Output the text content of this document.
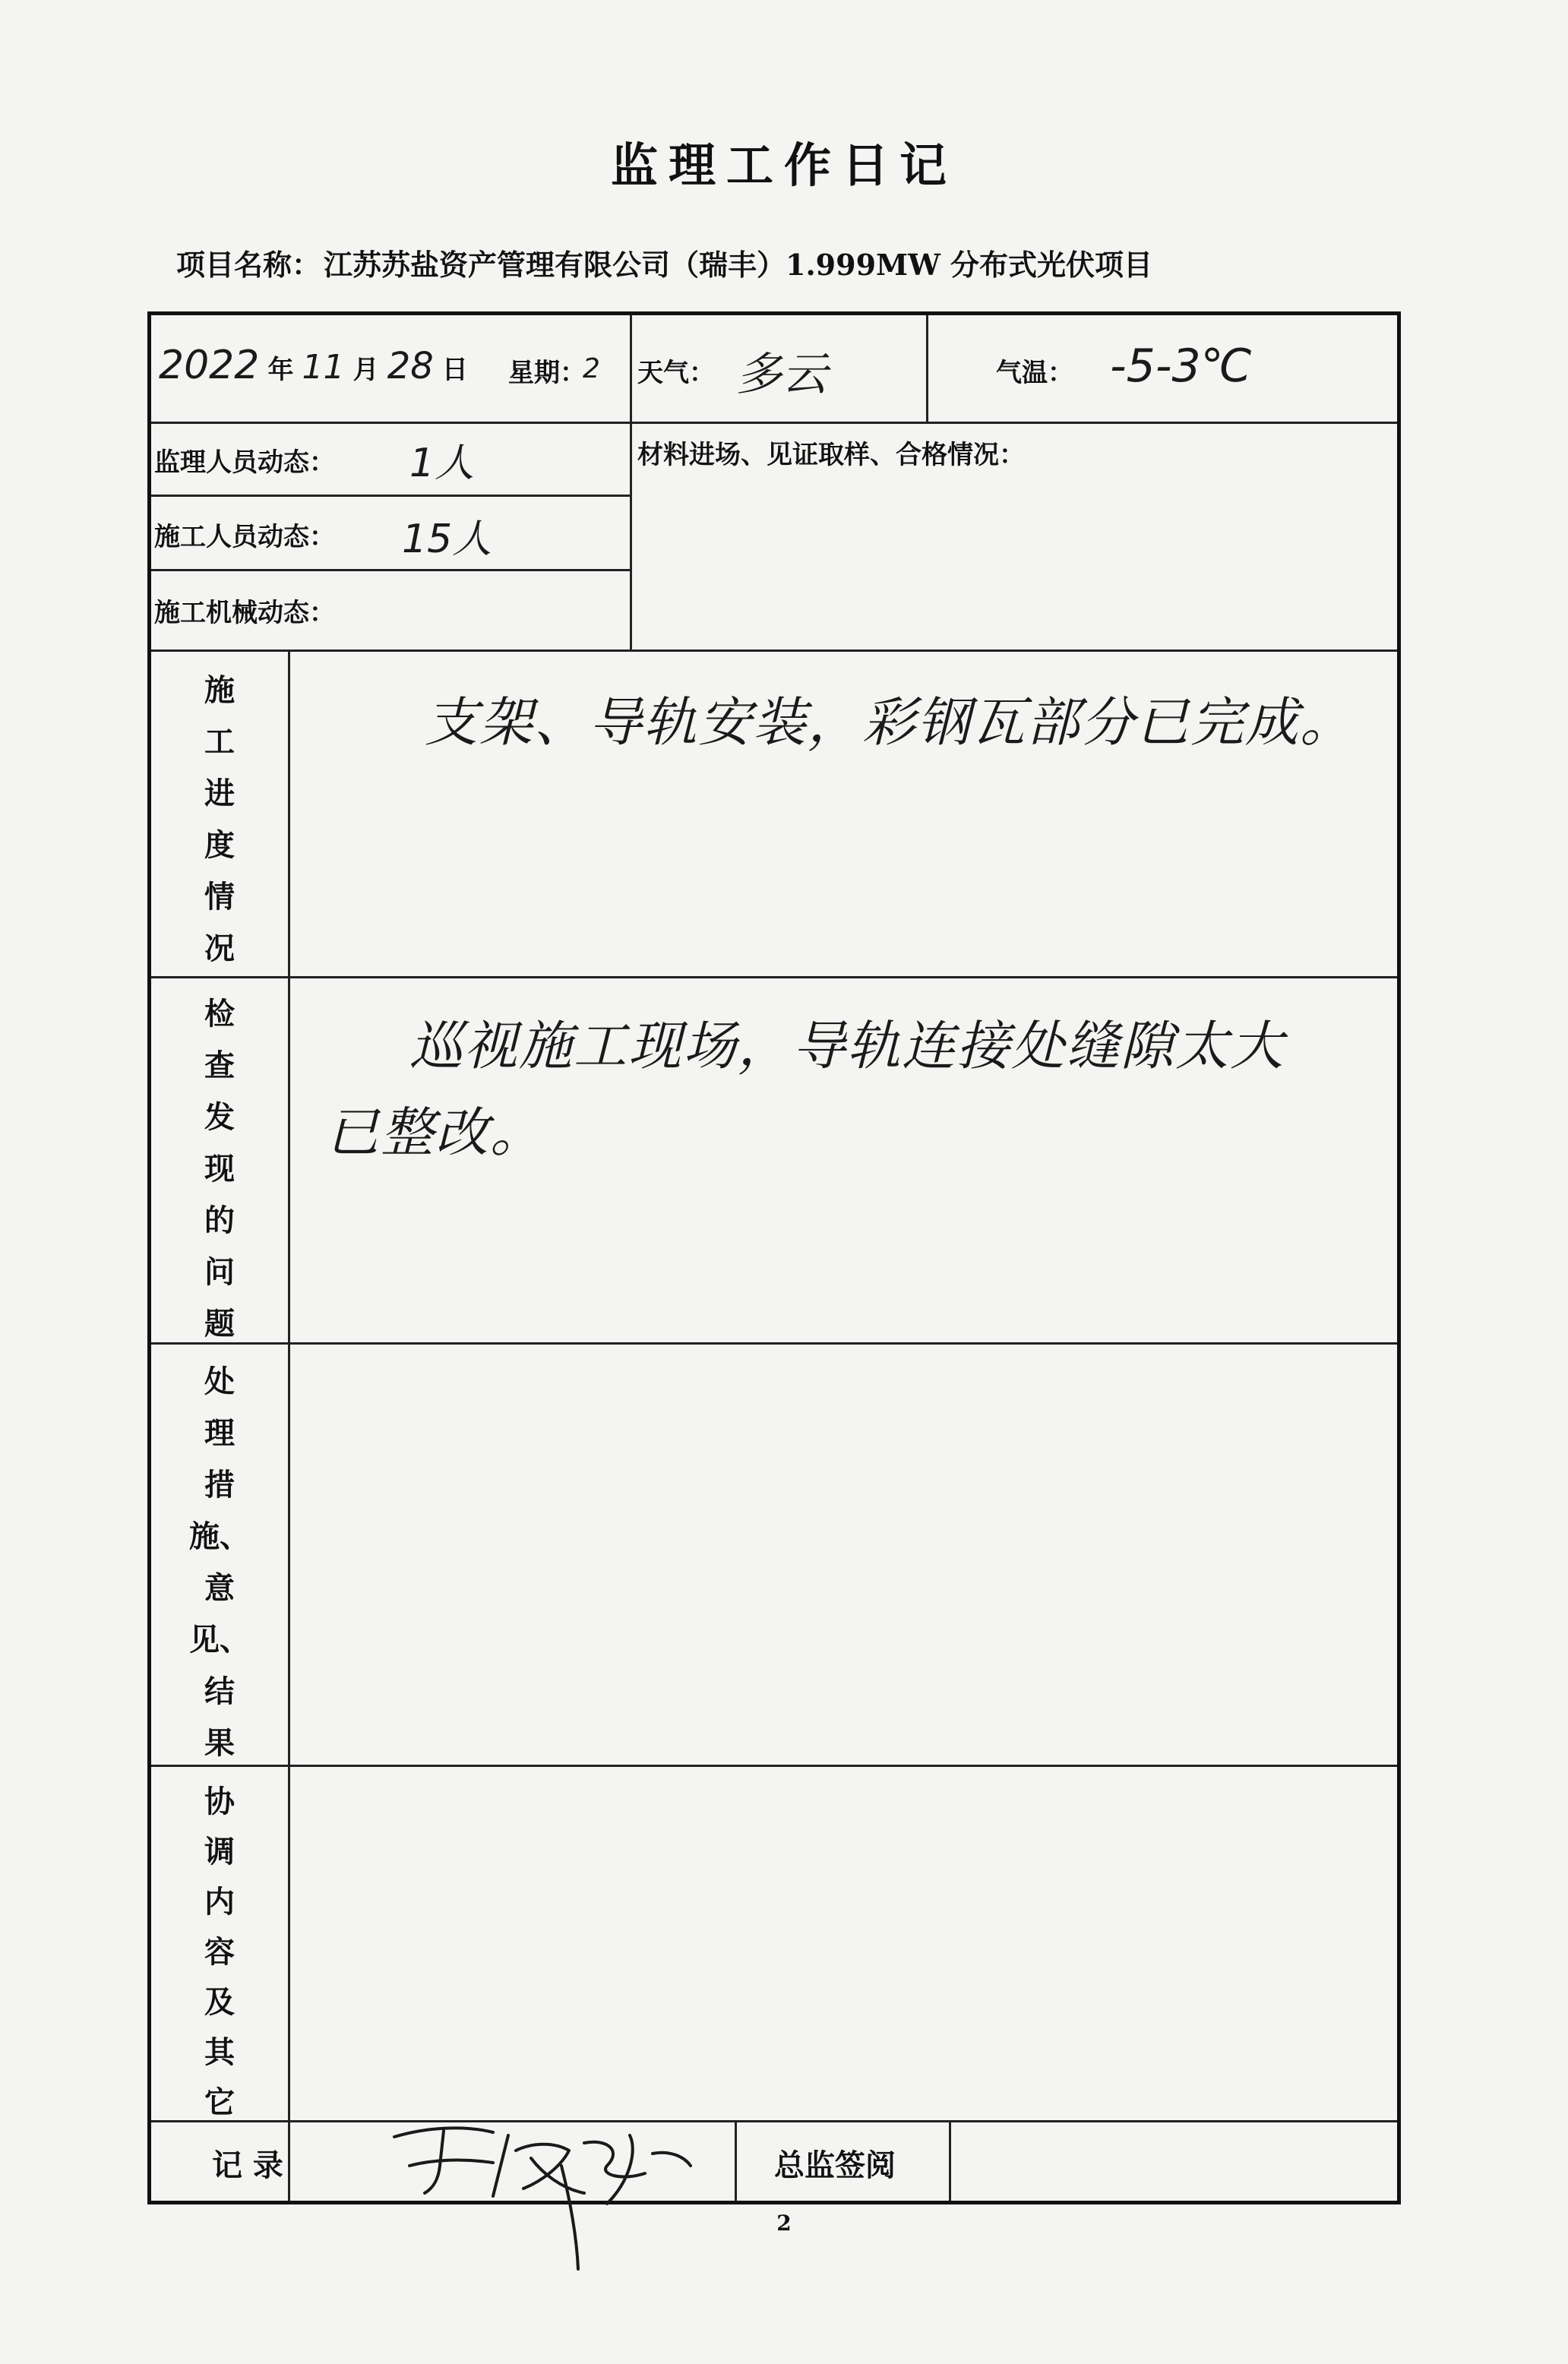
监理工作日记
项目名称： 江苏苏盐资产管理有限公司（瑞丰）1.999MW 分布式光伏项目
2022 年 11 月 28 日 星期：
2 天气： 多云	气温： -5-3℃
监理人员动态： 1人
施工人员动态： 15人
施工机械动态：
材料进场、见证取样、合格情况：
施
工
进
度
情
况
支架、导轨安装，彩钢瓦部分已完成。
检
查
发
现
的
问
题
巡视施工现场，导轨连接处缝隙太大
已整改。
处
理
措
施、
意
见、
结
果
协
调
内
容
及
其
它
记 录	总监签阅
2
